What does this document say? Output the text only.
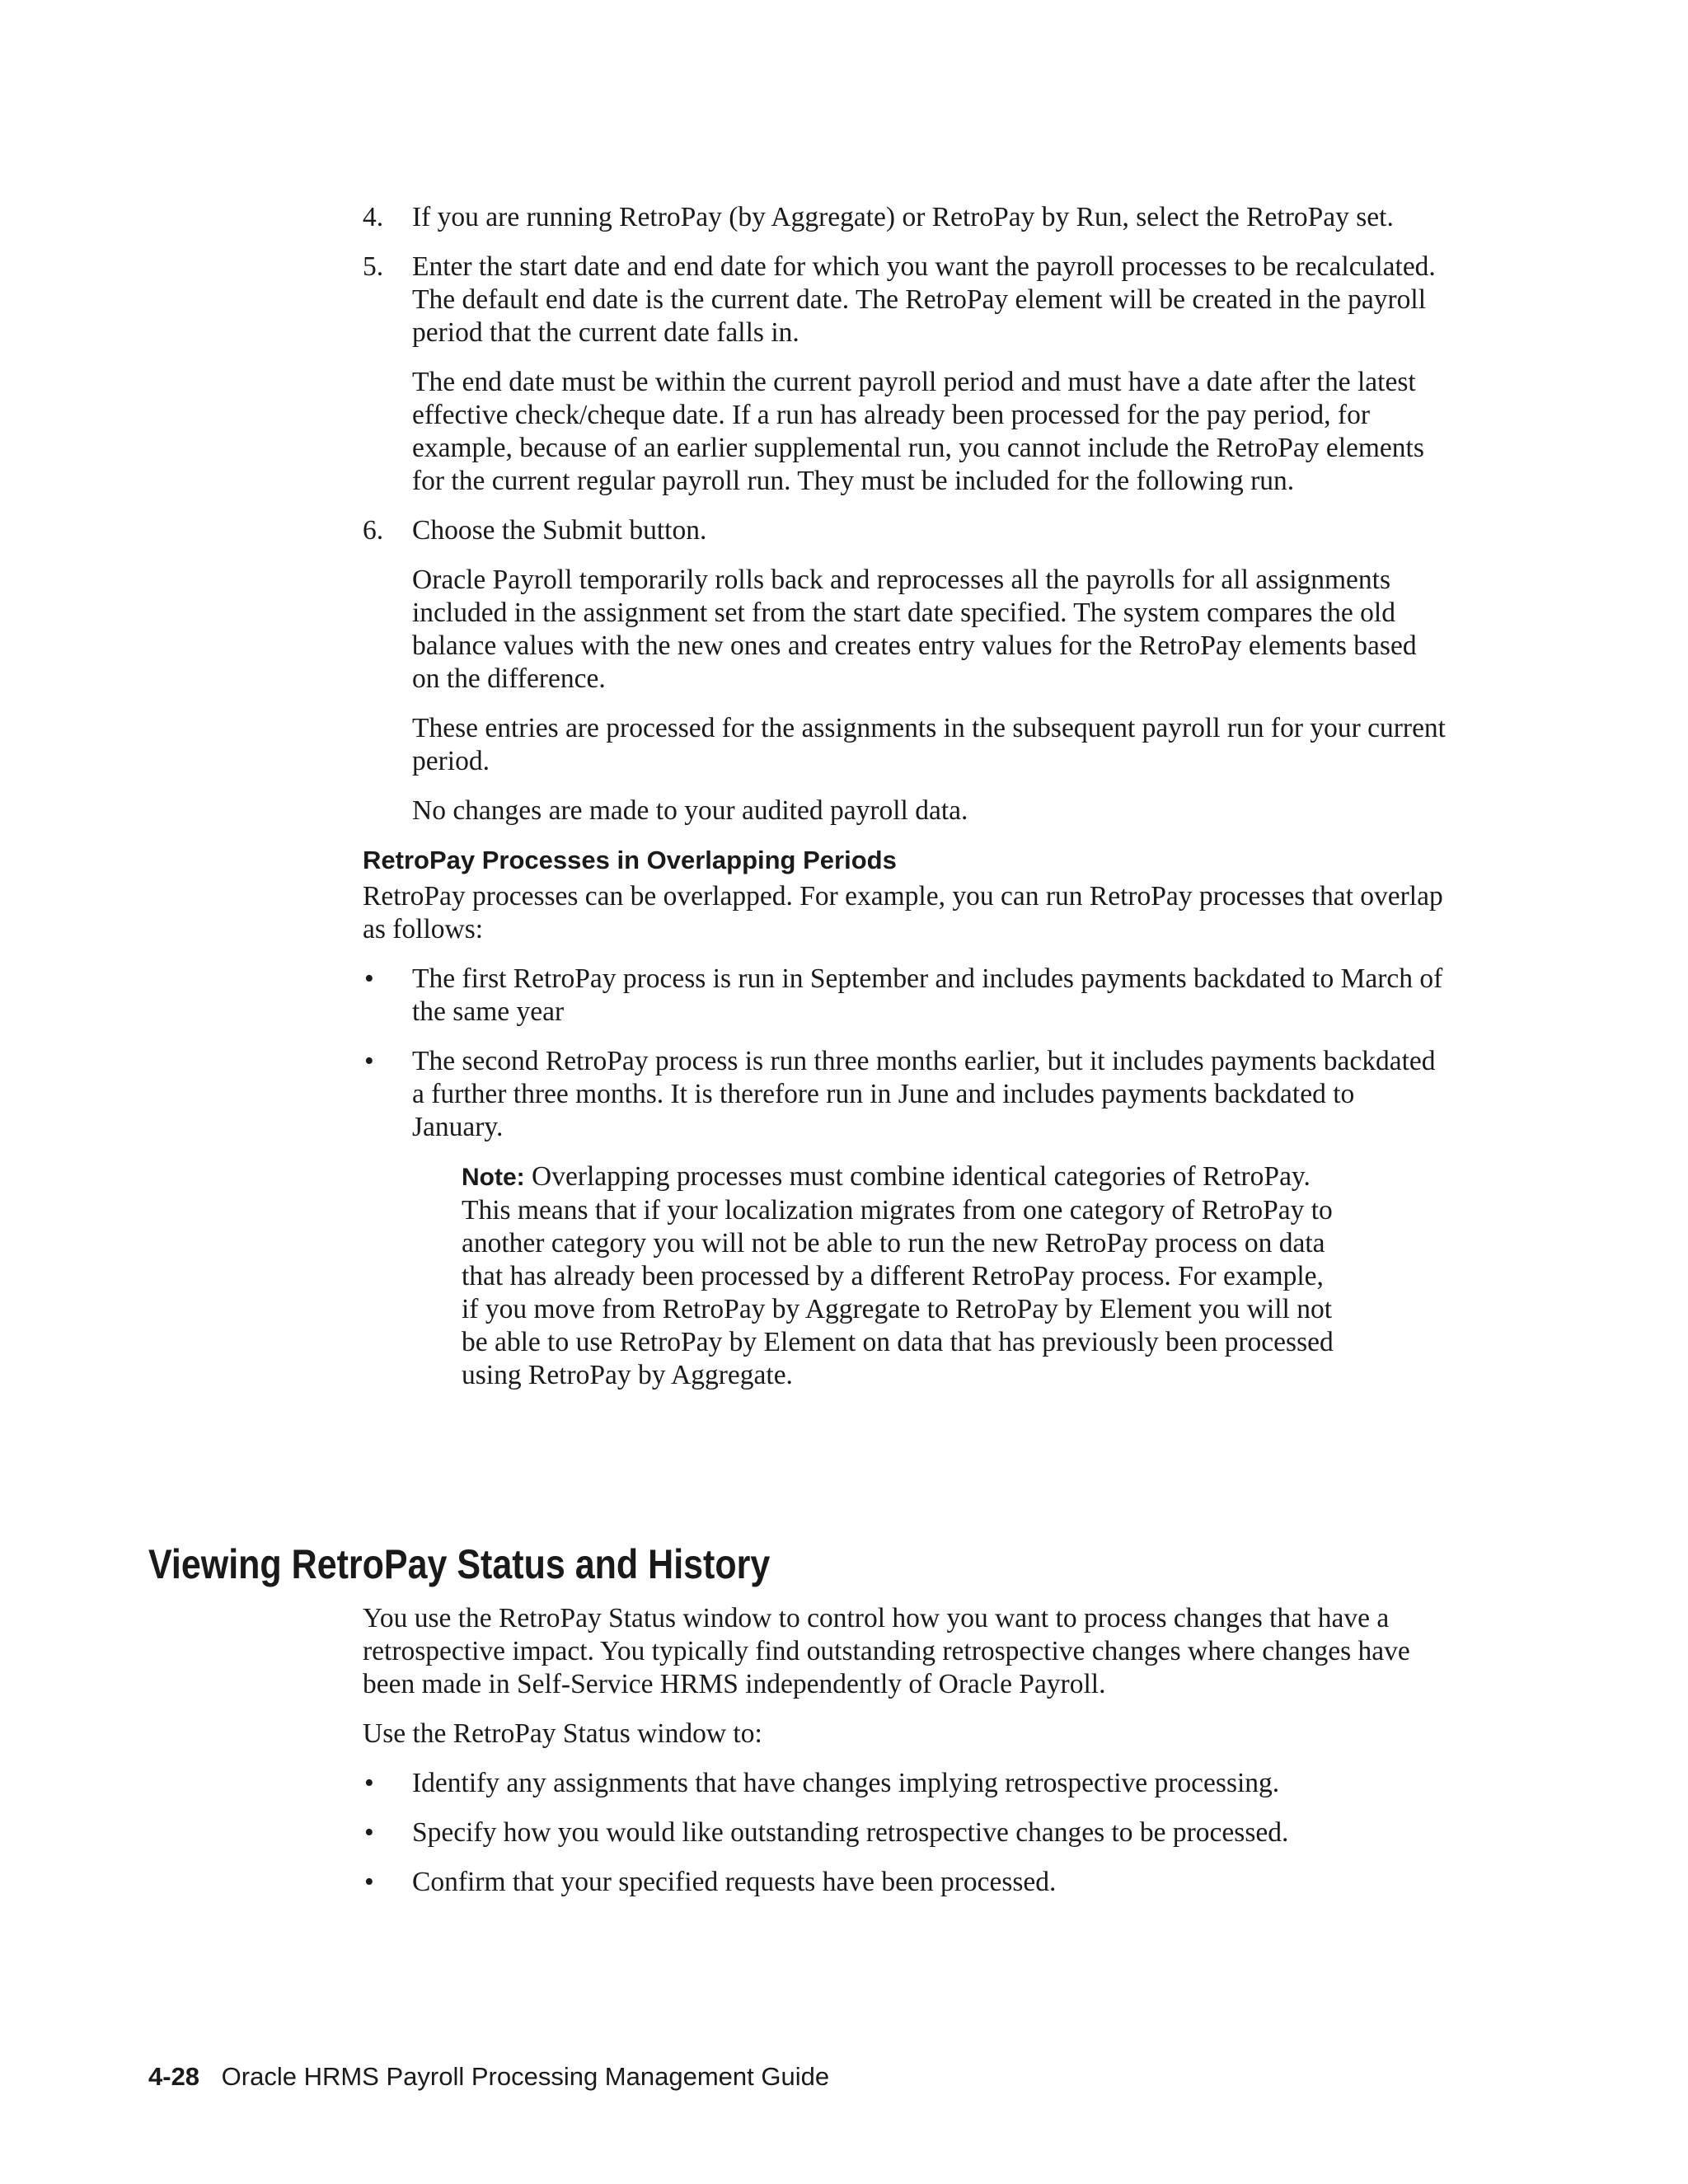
4. If you are running RetroPay (by Aggregate) or RetroPay by Run, select the RetroPay set.
5. Enter the start date and end date for which you want the payroll processes to be recalculated. The default end date is the current date. The RetroPay element will be created in the payroll period that the current date falls in.
The end date must be within the current payroll period and must have a date after the latest effective check/cheque date. If a run has already been processed for the pay period, for example, because of an earlier supplemental run, you cannot include the RetroPay elements for the current regular payroll run. They must be included for the following run.
6. Choose the Submit button.
Oracle Payroll temporarily rolls back and reprocesses all the payrolls for all assignments included in the assignment set from the start date specified. The system compares the old balance values with the new ones and creates entry values for the RetroPay elements based on the difference.
These entries are processed for the assignments in the subsequent payroll run for your current period.
No changes are made to your audited payroll data.
RetroPay Processes in Overlapping Periods
RetroPay processes can be overlapped. For example, you can run RetroPay processes that overlap as follows:
• The first RetroPay process is run in September and includes payments backdated to March of the same year
• The second RetroPay process is run three months earlier, but it includes payments backdated a further three months. It is therefore run in June and includes payments backdated to January.
Note: Overlapping processes must combine identical categories of RetroPay. This means that if your localization migrates from one category of RetroPay to another category you will not be able to run the new RetroPay process on data that has already been processed by a different RetroPay process. For example, if you move from RetroPay by Aggregate to RetroPay by Element you will not be able to use RetroPay by Element on data that has previously been processed using RetroPay by Aggregate.
Viewing RetroPay Status and History
You use the RetroPay Status window to control how you want to process changes that have a retrospective impact. You typically find outstanding retrospective changes where changes have been made in Self-Service HRMS independently of Oracle Payroll.
Use the RetroPay Status window to:
• Identify any assignments that have changes implying retrospective processing.
• Specify how you would like outstanding retrospective changes to be processed.
• Confirm that your specified requests have been processed.
4-28 Oracle HRMS Payroll Processing Management Guide
